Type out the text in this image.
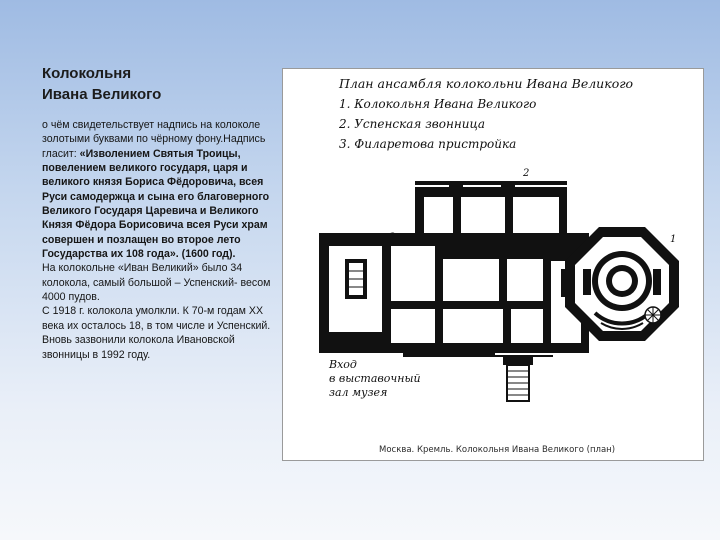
Колокольня
Ивана Великого

о чём свидетельствует надпись на колоколе золотыми буквами по чёрному фону.Надпись гласит: «Изволением Святыя Троицы, повелением великого государя, царя и великого князя Бориса Фёдоровича, всея Руси самодержца и сына его благоверного Великого Государя Царевича и Великого Князя Фёдора Борисовича всея Руси храм совершен и позлащен во второе лето Государства их 108 года». (1600 год).

На колокольне «Иван Великий» было 34 колокола, самый большой – Успенский- весом 4000 пудов.

С 1918 г. колокола умолкли. К 70-м годам XX века их осталось 18, в том числе и Успенский.

Вновь зазвонили колокола Ивановской звонницы в 1992 году.

План ансамбля колокольни Ивана Великого
1. Колокольня Ивана Великого
2. Успенская звонница
3. Филаретова пристройка
2
1
Вход
в выставочный
зал музея
Москва. Кремль. Колокольня Ивана Великого (план)
